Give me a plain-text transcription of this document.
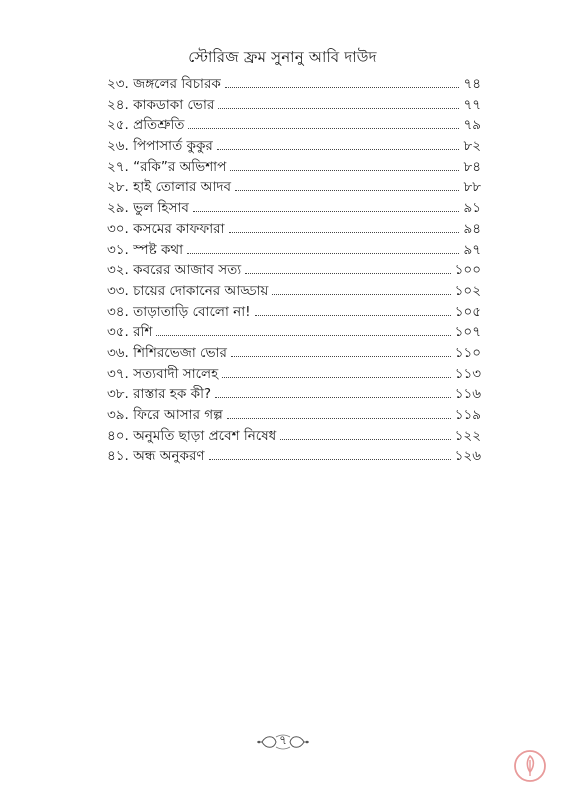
স্টোরিজ ফ্রম সুনানু আবি দাউদ
২৩. জঙ্গলের বিচারক	৭৪
২৪. কাকডাকা ভোর	৭৭
২৫. প্রতিশ্রুতি	৭৯
২৬. পিপাসার্ত কুকুর	৮২
২৭. “রকি”র অভিশাপ	৮৪
২৮. হাই তোলার আদব	৮৮
২৯. ভুল হিসাব	৯১
৩০. কসমের কাফফারা	৯৪
৩১. স্পষ্ট কথা	৯৭
৩২. কবরের আজাব সত্য	১০০
৩৩. চায়ের দোকানের আড্ডায়	১০২
৩৪. তাড়াতাড়ি বোলো না!	১০৫
৩৫. রশি	১০৭
৩৬. শিশিরভেজা ভোর	১১০
৩৭. সত্যবাদী সালেহ	১১৩
৩৮. রাস্তার হক কী?	১১৬
৩৯. ফিরে আসার গল্প	১১৯
৪০. অনুমতি ছাড়া প্রবেশ নিষেধ	১২২
৪১. অন্ধ অনুকরণ	১২৬
৭
